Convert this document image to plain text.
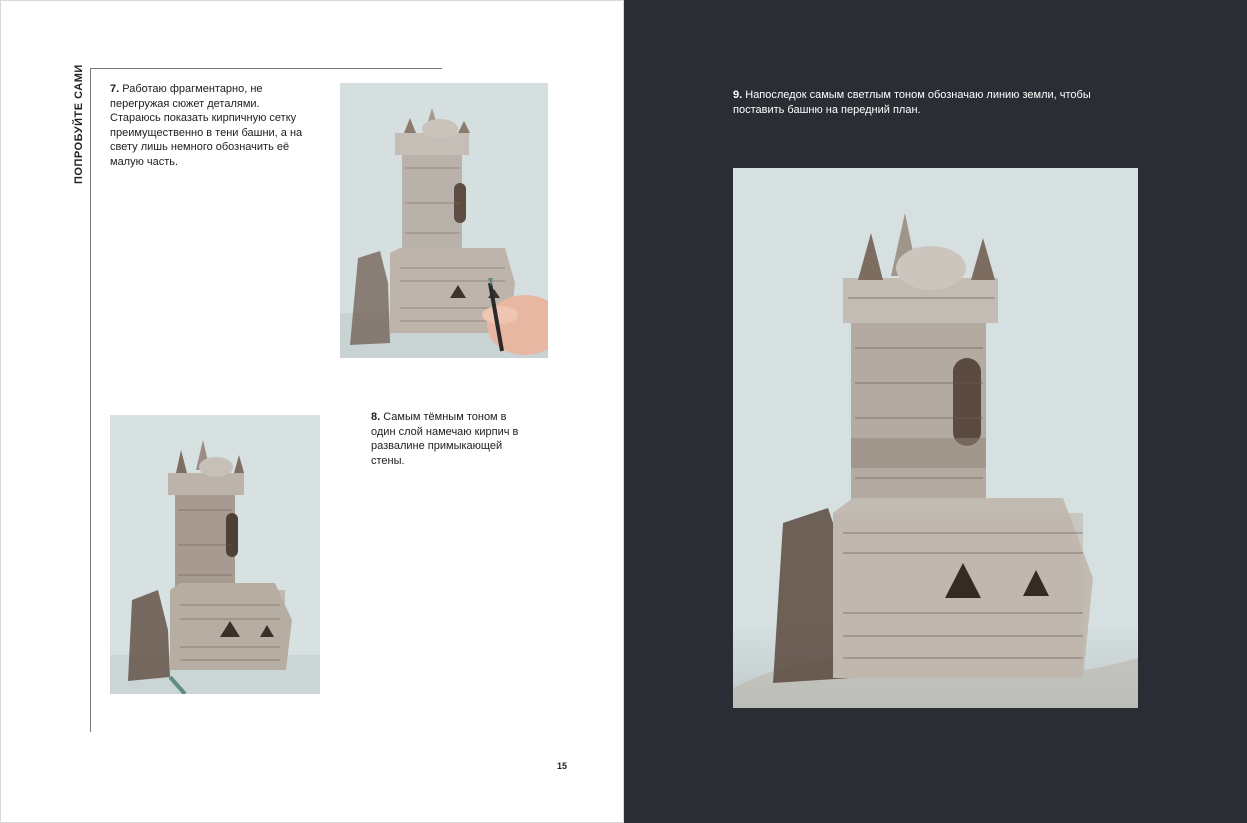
ПОПРОБУЙТЕ САМИ 7. Работаю фрагментарно, не перегружая сюжет деталями. Стараюсь показать кирпичную сетку преимущественно в тени башни, а на свету лишь немного обозначить её малую часть.
8. Самым тёмным тоном в один слой намечаю кирпич в развалине примыкающей стены.
15
9. Напоследок самым светлым тоном обозначаю линию земли, чтобы поставить башню на передний план.
